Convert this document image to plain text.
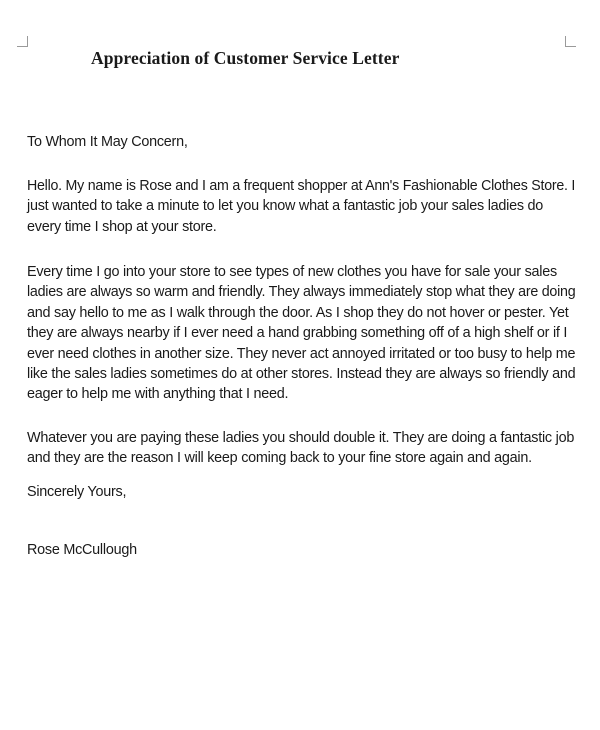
Appreciation of Customer Service Letter
To Whom It May Concern,
Hello. My name is Rose and I am a frequent shopper at Ann's Fashionable Clothes Store. I
just wanted to take a minute to let you know what a fantastic job your sales ladies do
every time I shop at your store.
Every time I go into your store to see types of new clothes you have for sale your sales
ladies are always so warm and friendly. They always immediately stop what they are doing
and say hello to me as I walk through the door. As I shop they do not hover or pester. Yet
they are always nearby if I ever need a hand grabbing something off of a high shelf or if I
ever need clothes in another size. They never act annoyed irritated or too busy to help me
like the sales ladies sometimes do at other stores. Instead they are always so friendly and
eager to help me with anything that I need.
Whatever you are paying these ladies you should double it. They are doing a fantastic job
and they are the reason I will keep coming back to your fine store again and again.
Sincerely Yours,
Rose McCullough
